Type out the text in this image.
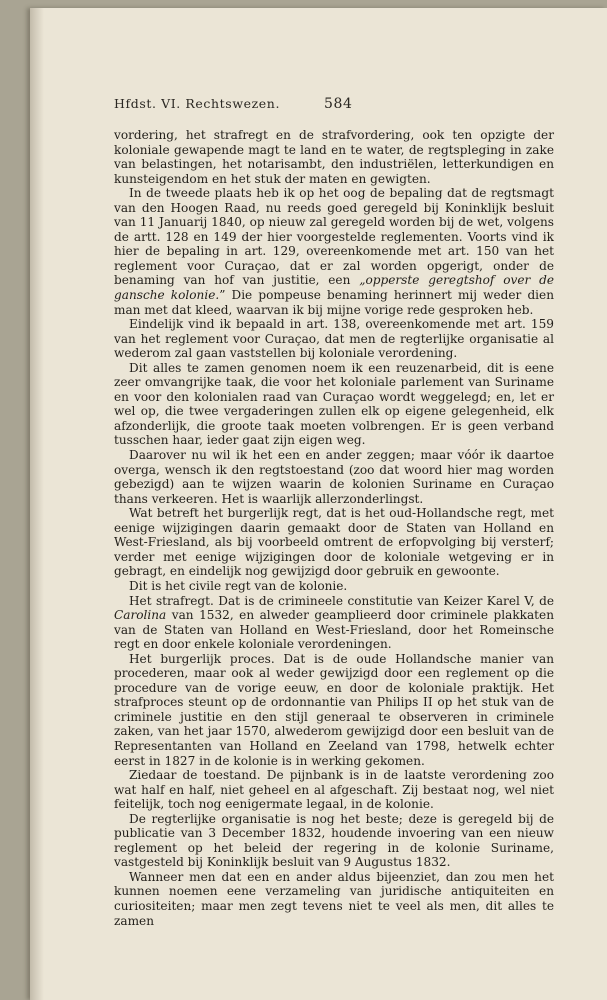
Hfdst. VI. Rechtswezen.	584

vordering, het strafregt en de strafvordering, ook ten opzigte der koloniale gewapende magt te land en te water, de regtspleging in zake van belastingen, het notarisambt, den industriëlen, letterkundigen en kunsteigendom en het stuk der maten en gewigten.

In de tweede plaats heb ik op het oog de bepaling dat de regtsmagt van den Hoogen Raad, nu reeds goed geregeld bij Koninklijk besluit van 11 Januarij 1840, op nieuw zal geregeld worden bij de wet, volgens de artt. 128 en 149 der hier voorgestelde reglementen. Voorts vind ik hier de bepaling in art. 129, overeenkomende met art. 150 van het reglement voor Curaçao, dat er zal worden opgerigt, onder de benaming van hof van justitie, een „opperste geregtshof over de gansche kolonie.” Die pompeuse benaming herinnert mij weder dien man met dat kleed, waarvan ik bij mijne vorige rede gesproken heb.

Eindelijk vind ik bepaald in art. 138, overeenkomende met art. 159 van het reglement voor Curaçao, dat men de regterlijke organisatie al wederom zal gaan vaststellen bij koloniale verordening.

Dit alles te zamen genomen noem ik een reuzenarbeid, dit is eene zeer omvangrijke taak, die voor het koloniale parlement van Suriname en voor den kolonialen raad van Curaçao wordt weggelegd; en, let er wel op, die twee vergaderingen zullen elk op eigene gelegenheid, elk afzonderlijk, die groote taak moeten volbrengen. Er is geen verband tusschen haar, ieder gaat zijn eigen weg.

Daarover nu wil ik het een en ander zeggen; maar vóór ik daartoe overga, wensch ik den regtstoestand (zoo dat woord hier mag worden gebezigd) aan te wijzen waarin de kolonien Suriname en Curaçao thans verkeeren. Het is waarlijk allerzonderlingst.

Wat betreft het burgerlijk regt, dat is het oud-Hollandsche regt, met eenige wijzigingen daarin gemaakt door de Staten van Holland en West-Friesland, als bij voorbeeld omtrent de erfopvolging bij versterf; verder met eenige wijzigingen door de koloniale wetgeving er in gebragt, en eindelijk nog gewijzigd door gebruik en gewoonte.

Dit is het civile regt van de kolonie.

Het strafregt. Dat is de crimineele constitutie van Keizer Karel V, de Carolina van 1532, en alweder geamplieerd door criminele plakkaten van de Staten van Holland en West-Friesland, door het Romeinsche regt en door enkele koloniale verordeningen.

Het burgerlijk proces. Dat is de oude Hollandsche manier van procederen, maar ook al weder gewijzigd door een reglement op die procedure van de vorige eeuw, en door de koloniale praktijk. Het strafproces steunt op de ordonnantie van Philips II op het stuk van de criminele justitie en den stijl generaal te observeren in criminele zaken, van het jaar 1570, alwederom gewijzigd door een besluit van de Representanten van Holland en Zeeland van 1798, hetwelk echter eerst in 1827 in de kolonie is in werking gekomen.

Ziedaar de toestand. De pijnbank is in de laatste verordening zoo wat half en half, niet geheel en al afgeschaft. Zij bestaat nog, wel niet feitelijk, toch nog eenigermate legaal, in de kolonie.

De regterlijke organisatie is nog het beste; deze is geregeld bij de publicatie van 3 December 1832, houdende invoering van een nieuw reglement op het beleid der regering in de kolonie Suriname, vastgesteld bij Koninklijk besluit van 9 Augustus 1832.

Wanneer men dat een en ander aldus bijeenziet, dan zou men het kunnen noemen eene verzameling van juridische antiquiteiten en curiositeiten; maar men zegt tevens niet te veel als men, dit alles te zamen
